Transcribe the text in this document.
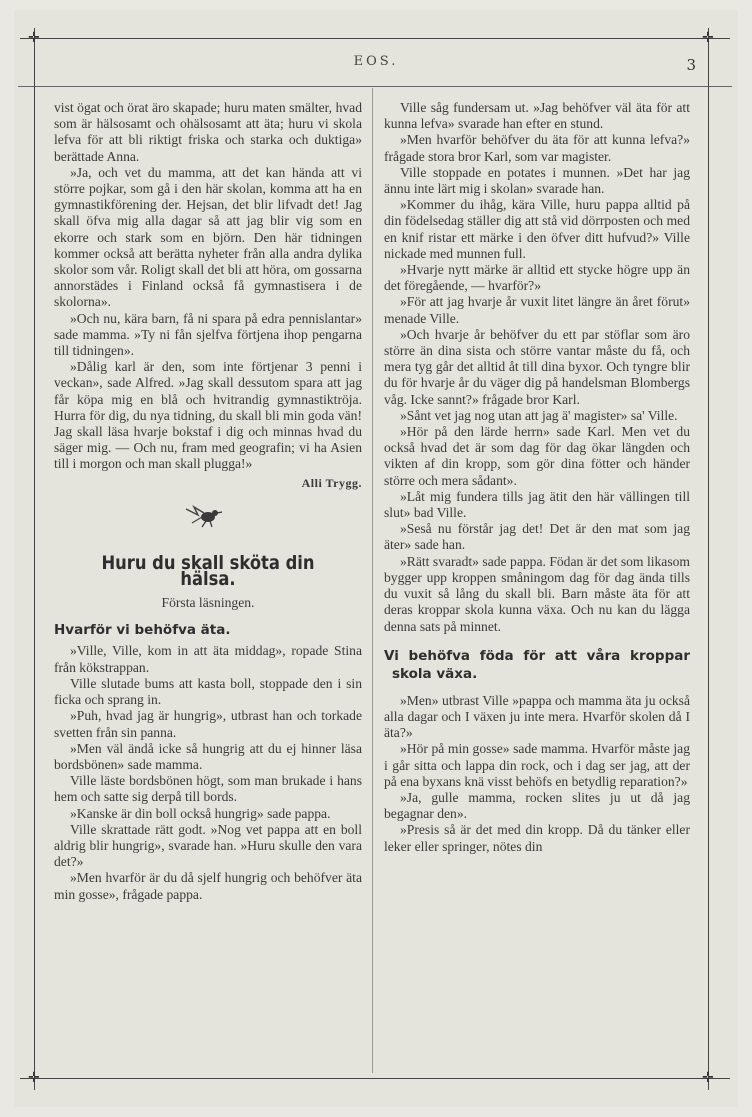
✛	✛
✛	✛
EOS.	3

vist ögat och örat äro skapade; huru maten smälter, hvad som är hälsosamt och ohälsosamt att äta; huru vi skola lefva för att bli riktigt friska och starka och duktiga» berättade Anna.

»Ja, och vet du mamma, att det kan hända att vi större pojkar, som gå i den här skolan, komma att ha en gymnastikförening der. Hejsan, det blir lifvadt det! Jag skall öfva mig alla dagar så att jag blir vig som en ekorre och stark som en björn. Den här tidningen kommer också att berätta nyheter från alla andra dylika skolor som vår. Roligt skall det bli att höra, om gossarna annorstädes i Finland också få gymnastisera i de skolorna».

»Och nu, kära barn, få ni spara på edra pennislantar» sade mamma. »Ty ni fån sjelfva förtjena ihop pengarna till tidningen».

»Dålig karl är den, som inte förtjenar 3 penni i veckan», sade Alfred. »Jag skall dessutom spara att jag får köpa mig en blå och hvitrandig gymnastiktröja. Hurra för dig, du nya tidning, du skall bli min goda vän! Jag skall läsa hvarje bokstaf i dig och minnas hvad du säger mig. — Och nu, fram med geografin; vi ha Asien till i morgon och man skall plugga!»

Alli Trygg.
Huru du skall sköta din hälsa.
Första läsningen.
Hvarför vi behöfva äta.

»Ville, Ville, kom in att äta middag», ropade Stina från kökstrappan.

Ville slutade bums att kasta boll, stoppade den i sin ficka och sprang in.

»Puh, hvad jag är hungrig», utbrast han och torkade svetten från sin panna.

»Men väl ändå icke så hungrig att du ej hinner läsa bordsbönen» sade mamma.

Ville läste bordsbönen högt, som man brukade i hans hem och satte sig derpå till bords.

»Kanske är din boll också hungrig» sade pappa.

Ville skrattade rätt godt. »Nog vet pappa att en boll aldrig blir hungrig», svarade han. »Huru skulle den vara det?»

»Men hvarför är du då sjelf hungrig och behöfver äta min gosse», frågade pappa.

Ville såg fundersam ut. »Jag behöfver väl äta för att kunna lefva» svarade han efter en stund.

»Men hvarför behöfver du äta för att kunna lefva?» frågade stora bror Karl, som var magister.

Ville stoppade en potates i munnen. »Det har jag ännu inte lärt mig i skolan» svarade han.

»Kommer du ihåg, kära Ville, huru pappa alltid på din födelsedag ställer dig att stå vid dörrposten och med en knif ristar ett märke i den öfver ditt hufvud?» Ville nickade med munnen full.

»Hvarje nytt märke är alltid ett stycke högre upp än det föregående, — hvarför?»

»För att jag hvarje år vuxit litet längre än året förut» menade Ville.

»Och hvarje år behöfver du ett par stöflar som äro större än dina sista och större vantar måste du få, och mera tyg går det alltid åt till dina byxor. Och tyngre blir du för hvarje år du väger dig på handelsman Blombergs våg. Icke sannt?» frågade bror Karl.

»Sånt vet jag nog utan att jag ä' magister» sa' Ville.

»Hör på den lärde herrn» sade Karl. Men vet du också hvad det är som dag för dag ökar längden och vikten af din kropp, som gör dina fötter och händer större och mera sådant».

»Låt mig fundera tills jag ätit den här vällingen till slut» bad Ville.

»Seså nu förstår jag det! Det är den mat som jag äter» sade han.

»Rätt svaradt» sade pappa. Födan är det som likasom bygger upp kroppen småningom dag för dag ända tills du vuxit så lång du skall bli. Barn måste äta för att deras kroppar skola kunna växa. Och nu kan du lägga denna sats på minnet.

Vi behöfva föda för att våra kroppar skola växa.

»Men» utbrast Ville »pappa och mamma äta ju också alla dagar och I växen ju inte mera. Hvarför skolen då I äta?»

»Hör på min gosse» sade mamma. Hvarför måste jag i går sitta och lappa din rock, och i dag ser jag, att der på ena byxans knä visst behöfs en betydlig reparation?»

»Ja, gulle mamma, rocken slites ju ut då jag begagnar den».

»Presis så är det med din kropp. Då du tänker eller leker eller springer, nötes din
